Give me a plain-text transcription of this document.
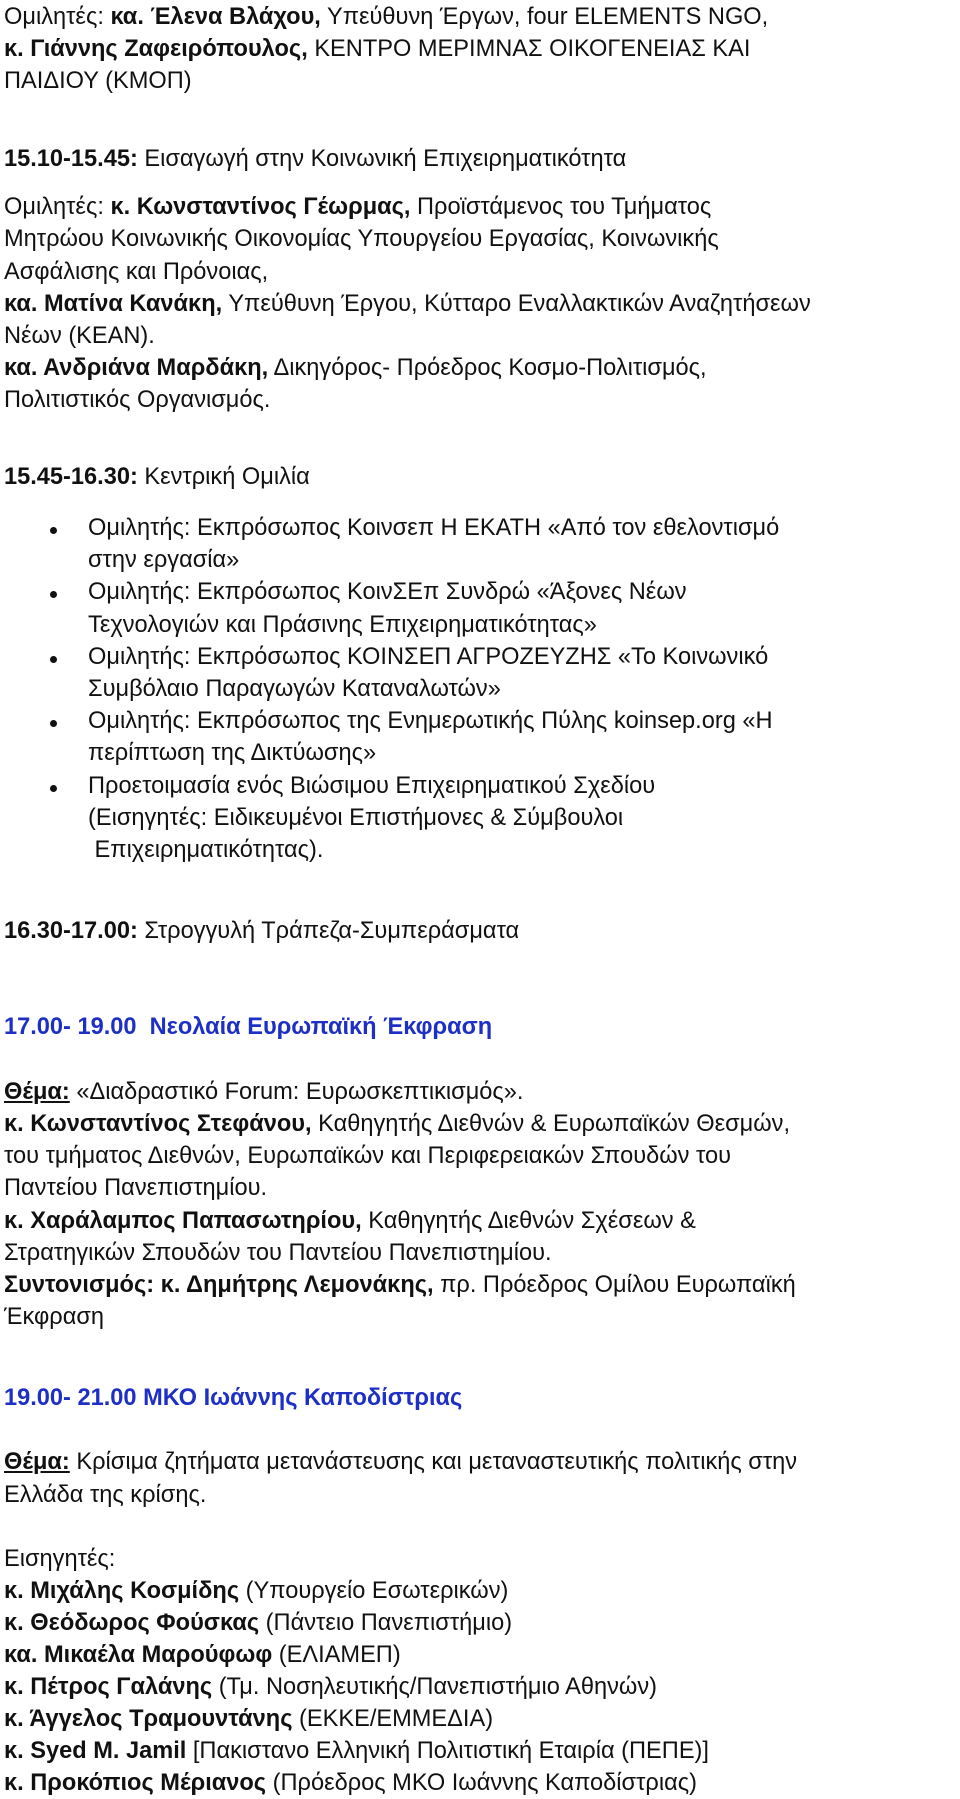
Ομιλητές: κα. Έλενα Βλάχου, Υπεύθυνη Έργων, four ELEMENTS NGO,
κ. Γιάννης Ζαφειρόπουλος, ΚΕΝΤΡΟ ΜΕΡΙΜΝΑΣ ΟΙΚΟΓΕΝΕΙΑΣ ΚΑΙ
ΠΑΙΔΙΟΥ (ΚΜΟΠ)
15.10-15.45: Εισαγωγή στην Κοινωνική Επιχειρηματικότητα
Ομιλητές: κ. Κωνσταντίνος Γέωρμας, Προϊστάμενος του Τμήματος
Μητρώου Κοινωνικής Οικονομίας Υπουργείου Εργασίας, Κοινωνικής
Ασφάλισης και Πρόνοιας,
κα. Ματίνα Κανάκη, Υπεύθυνη Έργου, Κύτταρο Εναλλακτικών Αναζητήσεων
Νέων (ΚΕΑΝ).
κα. Ανδριάνα Μαρδάκη, Δικηγόρος- Πρόεδρος Κοσμο-Πολιτισμός,
Πολιτιστικός Οργανισμός.
15.45-16.30: Κεντρική Ομιλία
Ομιλητής: Εκπρόσωπος Κοινσεπ Η ΕΚΑΤΗ «Από τον εθελοντισμό
στην εργασία»
Ομιλητής: Εκπρόσωπος ΚοινΣΕπ Συνδρώ «Άξονες Νέων
Τεχνολογιών και Πράσινης Επιχειρηματικότητας»
Ομιλητής: Εκπρόσωπος ΚΟΙΝΣΕΠ ΑΓΡΟΖΕΥΖΗΣ «Το Κοινωνικό
Συμβόλαιο Παραγωγών Καταναλωτών»
Ομιλητής: Εκπρόσωπος της Ενημερωτικής Πύλης koinsep.org «Η
περίπτωση της Δικτύωσης»
Προετοιμασία ενός Βιώσιμου Επιχειρηματικού Σχεδίου
(Εισηγητές: Ειδικευμένοι Επιστήμονες & Σύμβουλοι
Επιχειρηματικότητας).
16.30-17.00: Στρογγυλή Τράπεζα-Συμπεράσματα
17.00- 19.00 Νεολαία Ευρωπαϊκή Έκφραση
Θέμα: «Διαδραστικό Forum: Ευρωσκεπτικισμός».
κ. Κωνσταντίνος Στεφάνου, Καθηγητής Διεθνών & Ευρωπαϊκών Θεσμών,
του τμήματος Διεθνών, Ευρωπαϊκών και Περιφερειακών Σπουδών του
Παντείου Πανεπιστημίου.
κ. Χαράλαμπος Παπασωτηρίου, Καθηγητής Διεθνών Σχέσεων &
Στρατηγικών Σπουδών του Παντείου Πανεπιστημίου.
Συντονισμός: κ. Δημήτρης Λεμονάκης, πρ. Πρόεδρος Ομίλου Ευρωπαϊκή
Έκφραση
19.00- 21.00 ΜΚΟ Ιωάννης Καποδίστριας
Θέμα: Κρίσιμα ζητήματα μετανάστευσης και μεταναστευτικής πολιτικής στην
Ελλάδα της κρίσης.
Εισηγητές:
κ. Μιχάλης Κοσμίδης (Υπουργείο Εσωτερικών)
κ. Θεόδωρος Φούσκας (Πάντειο Πανεπιστήμιο)
κα. Μικαέλα Μαρούφωφ (ΕΛΙΑΜΕΠ)
κ. Πέτρος Γαλάνης (Τμ. Νοσηλευτικής/Πανεπιστήμιο Αθηνών)
κ. Άγγελος Τραμουντάνης (ΕΚΚΕ/ΕΜΜΕΔΙΑ)
κ. Syed M. Jamil [Πακιστανο Ελληνική Πολιτιστική Εταιρία (ΠΕΠΕ)]
κ. Προκόπιος Μέριανος (Πρόεδρος ΜΚΟ Ιωάννης Καποδίστριας)
